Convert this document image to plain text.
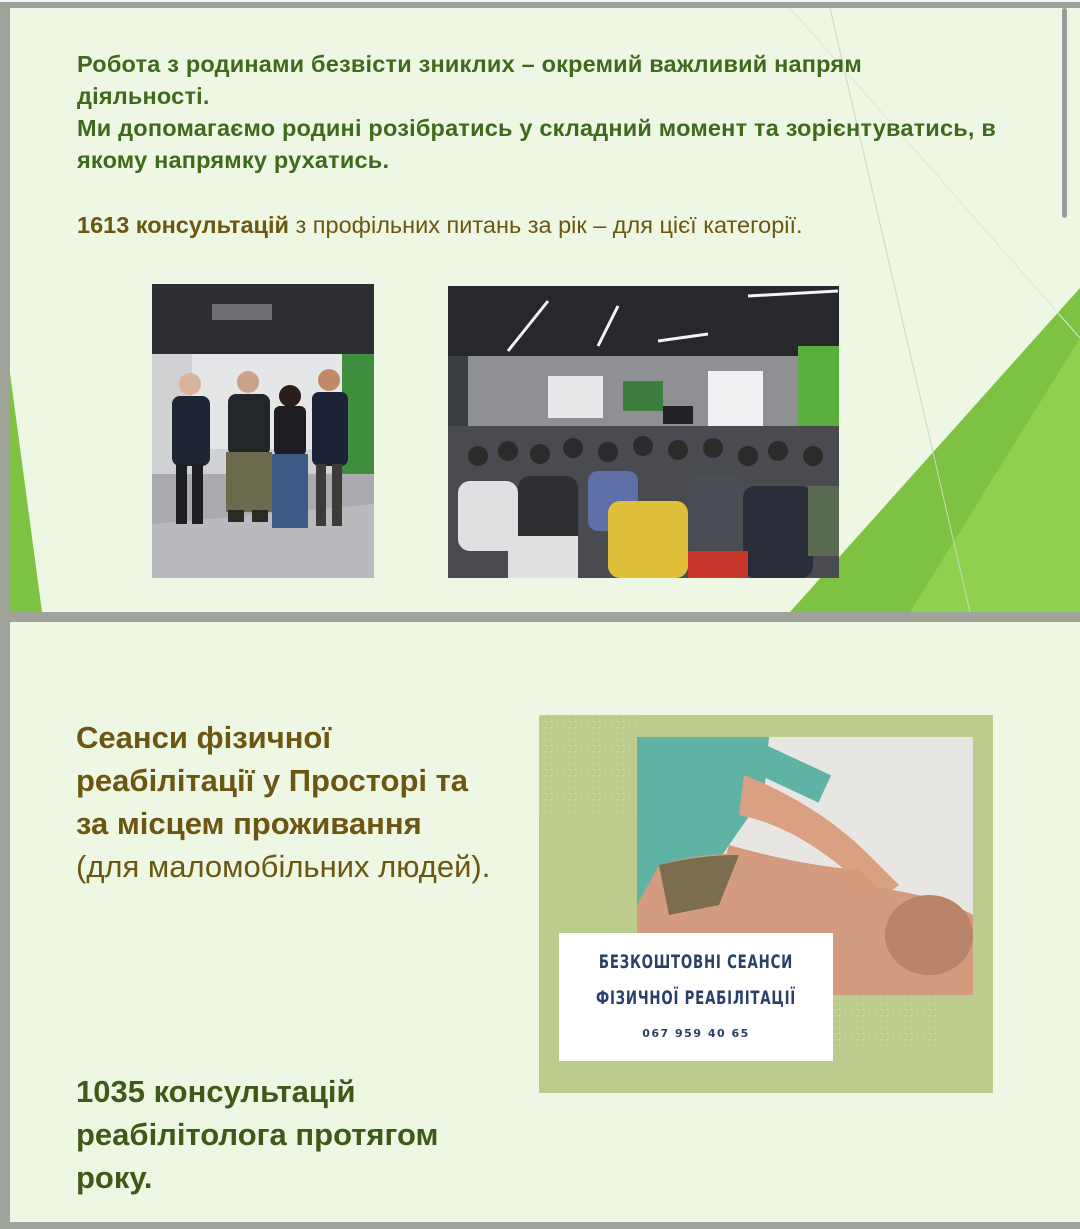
Робота з родинами безвісти зниклих – окремий важливий напрям діяльності.

Ми допомагаємо родині розібратись у складний момент та зорієнтуватись, в якому напрямку рухатись.

1613 консультацій з профільних питань за рік – для цієї категорії.
Сеанси фізичної реабілітації у Просторі та за місцем проживання
(для маломобільних людей).
1035 консультацій реабілітолога протягом року.
БЕЗКОШТОВНІ СЕАНСИ
ФІЗИЧНОЇ РЕАБІЛІТАЦІЇ
067 959 40 65
